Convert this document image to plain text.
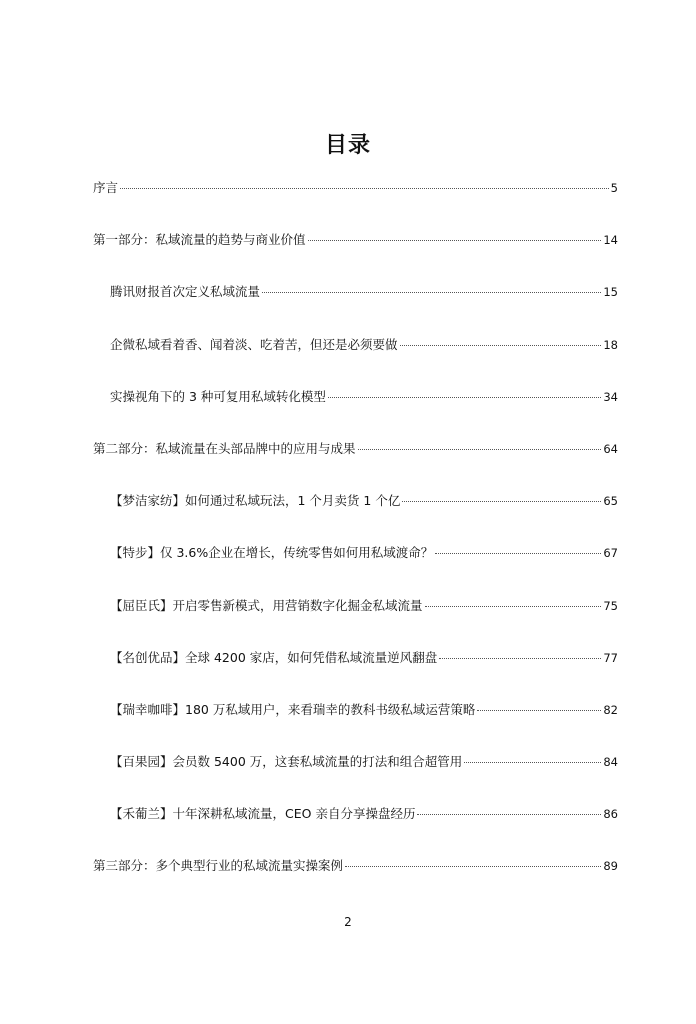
目录
序言	5
第一部分：私域流量的趋势与商业价值	14
腾讯财报首次定义私域流量	15
企微私域看着香、闻着淡、吃着苦，但还是必须要做	18
实操视角下的 3 种可复用私域转化模型	34
第二部分：私域流量在头部品牌中的应用与成果	64
【梦洁家纺】如何通过私域玩法，1 个月卖货 1 个亿	65
【特步】仅 3.6%企业在增长，传统零售如何用私域渡命？	67
【屈臣氏】开启零售新模式，用营销数字化掘金私域流量	75
【名创优品】全球 4200 家店，如何凭借私域流量逆风翻盘	77
【瑞幸咖啡】180 万私域用户，来看瑞幸的教科书级私域运营策略	82
【百果园】会员数 5400 万，这套私域流量的打法和组合超管用	84
【禾葡兰】十年深耕私域流量，CEO 亲自分享操盘经历	86
第三部分：多个典型行业的私域流量实操案例	89
2
